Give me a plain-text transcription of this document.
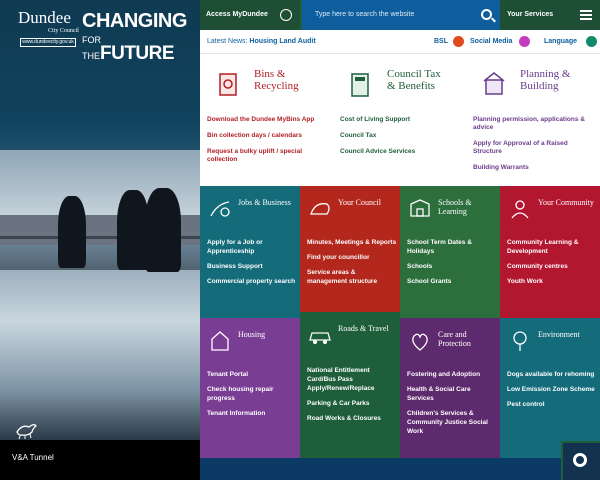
Dundee
City Council
www.dundeecity.gov.uk
CHANGING
FOR THEFUTURE
V&A Tunnel
Access MyDundee	Type here to search the website	Your Services
Latest News: Housing Land Audit	BSL	Social Media	Language
Bins &
Recycling
Download the Dundee MyBins App
Bin collection days / calendars
Request a bulky uplift / special collection
Council Tax
& Benefits
Cost of Living Support
Council Tax
Council Advice Services
Planning &
Building
Planning permission, applications & advice
Apply for Approval of a Raised Structure
Building Warrants
Jobs & Business
Apply for a Job or Apprenticeship
Business Support
Commercial property search
Your Council
Minutes, Meetings & Reports
Find your councillor
Service areas & management structure
Schools & Learning
School Term Dates & Holidays
Schools
School Grants
Your Community
Community Learning & Development
Community centres
Youth Work
Housing
Tenant Portal
Check housing repair progress
Tenant Information
Roads & Travel
National Entitlement Card/Bus Pass Apply/Renew/Replace
Parking & Car Parks
Road Works & Closures
Care and Protection
Fostering and Adoption
Health & Social Care Services
Children's Services & Community Justice Social Work
Environment
Dogs available for rehoming
Low Emission Zone Scheme
Pest control
